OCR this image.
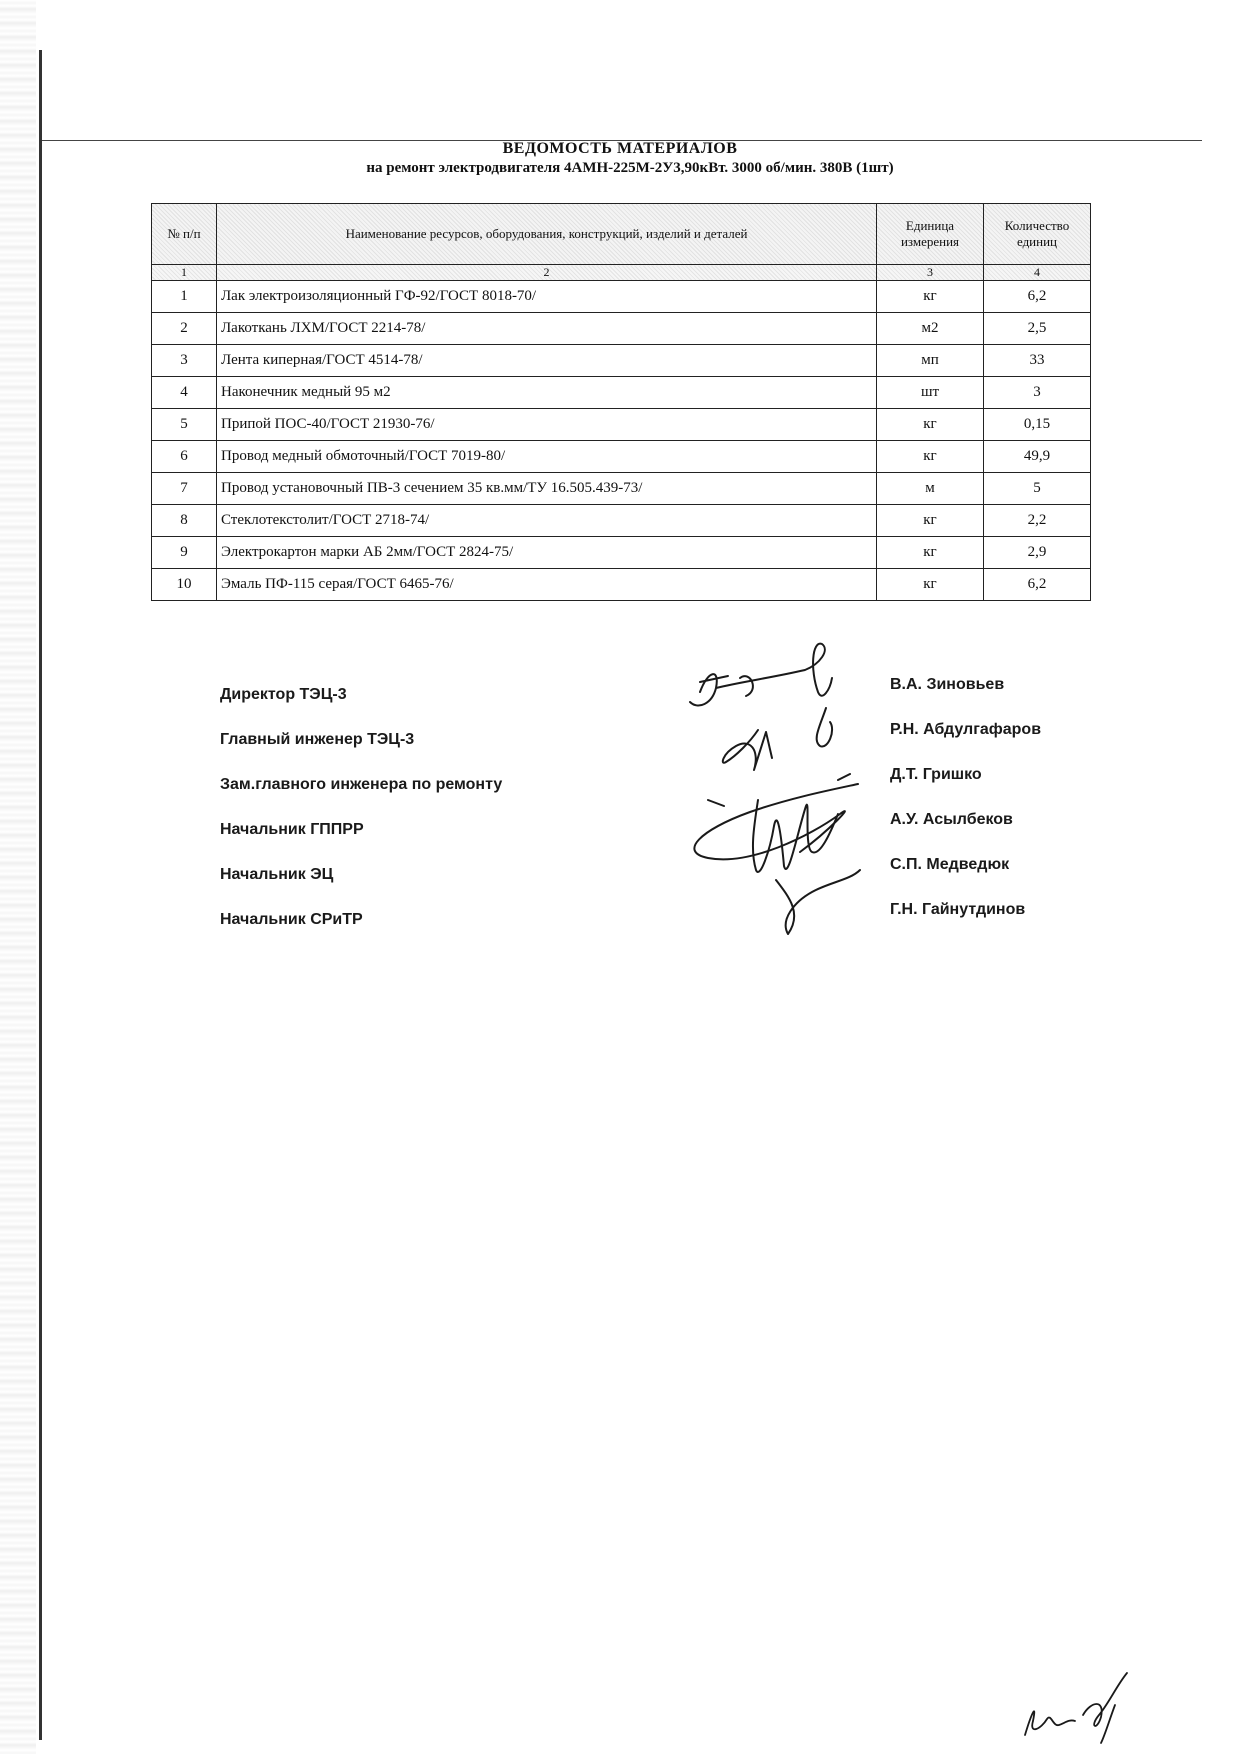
ВЕДОМОСТЬ МАТЕРИАЛОВ
на ремонт электродвигателя 4АМН-225М-2У3,90кВт. 3000 об/мин. 380В (1шт)
№ п/п	Наименование ресурсов, оборудования, конструкций, изделий и деталей	Единица измерения	Количество единиц
1	2	3	4
1	Лак электроизоляционный ГФ-92/ГОСТ 8018-70/	кг	6,2
2	Лакоткань ЛХМ/ГОСТ 2214-78/	м2	2,5
3	Лента киперная/ГОСТ 4514-78/	мп	33
4	Наконечник медный 95 м2	шт	3
5	Припой ПОС-40/ГОСТ 21930-76/	кг	0,15
6	Провод медный обмоточный/ГОСТ 7019-80/	кг	49,9
7	Провод установочный ПВ-3 сечением 35 кв.мм/ТУ 16.505.439-73/	м	5
8	Стеклотекстолит/ГОСТ 2718-74/	кг	2,2
9	Электрокартон марки АБ 2мм/ГОСТ 2824-75/	кг	2,9
10	Эмаль ПФ-115 серая/ГОСТ 6465-76/	кг	6,2
Директор ТЭЦ-3
Главный инженер ТЭЦ-3
Зам.главного инженера по ремонту
Начальник ГППРР
Начальник ЭЦ
Начальник СРиТР
В.А. Зиновьев
Р.Н. Абдулгафаров
Д.Т. Гришко
А.У. Асылбеков
С.П. Медведюк
Г.Н. Гайнутдинов
